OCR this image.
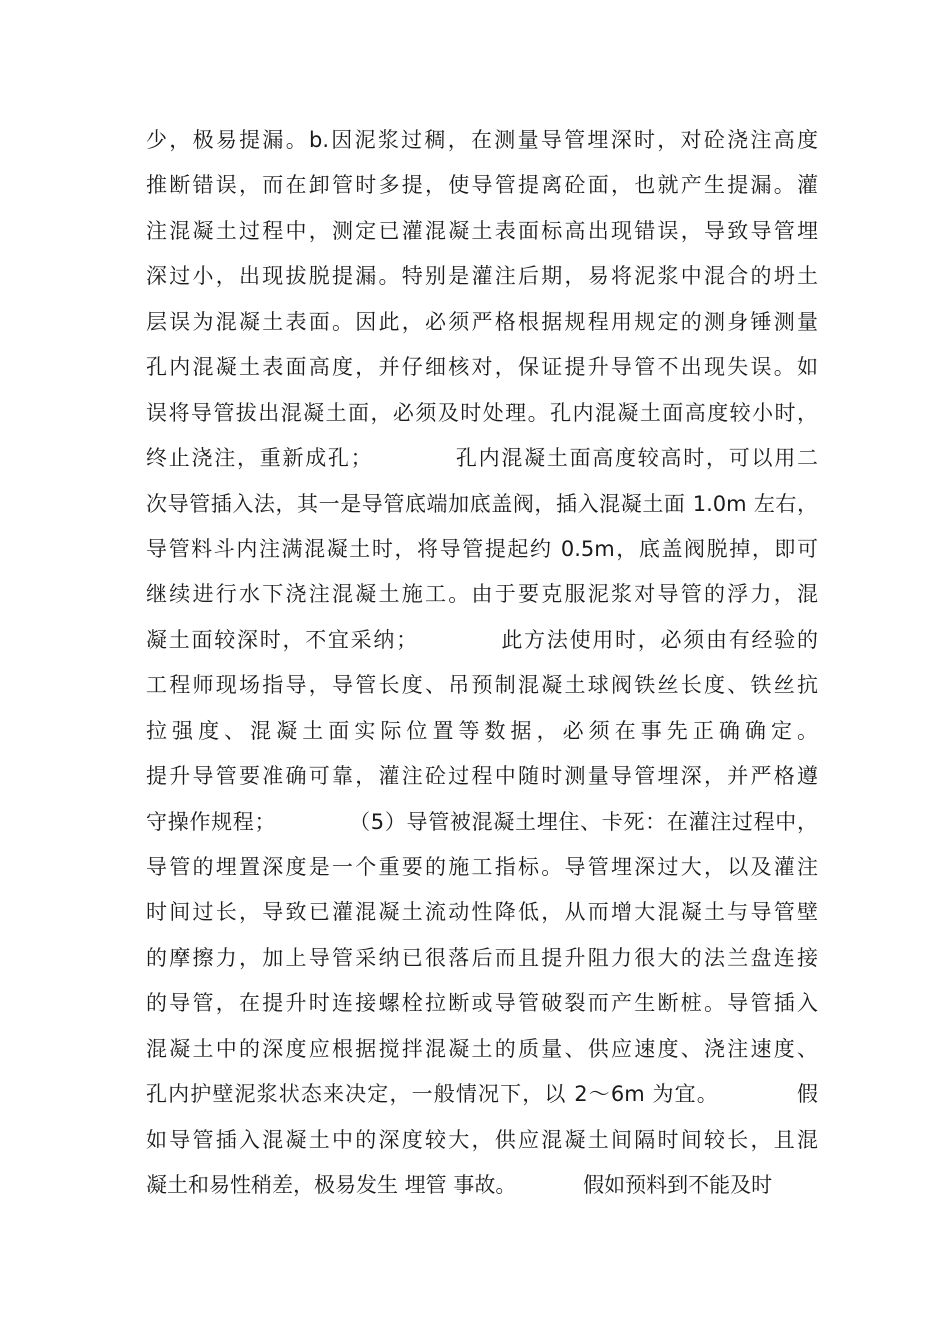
少，极易提漏。b.因泥浆过稠，在测量导管埋深时，对砼浇注高度
推断错误，而在卸管时多提，使导管提离砼面，也就产生提漏。灌
注混凝土过程中，测定已灌混凝土表面标高出现错误，导致导管埋
深过小，出现拔脱提漏。特别是灌注后期，易将泥浆中混合的坍土
层误为混凝土表面。因此，必须严格根据规程用规定的测身锤测量
孔内混凝土表面高度，并仔细核对，保证提升导管不出现失误。如
误将导管拔出混凝土面，必须及时处理。孔内混凝土面高度较小时，
终止浇注，重新成孔；          孔内混凝土面高度较高时，可以用二
次导管插入法，其一是导管底端加底盖阀，插入混凝土面 1.0m 左右，
导管料斗内注满混凝土时，将导管提起约 0.5m，底盖阀脱掉，即可
继续进行水下浇注混凝土施工。由于要克服泥浆对导管的浮力，混
凝土面较深时，不宜采纳；          此方法使用时，必须由有经验的
工程师现场指导，导管长度、吊预制混凝土球阀铁丝长度、铁丝抗
拉强度、混凝土面实际位置等数据，必须在事先正确确定。
提升导管要准确可靠，灌注砼过程中随时测量导管埋深，并严格遵
守操作规程；          （5）导管被混凝土埋住、卡死：在灌注过程中，
导管的埋置深度是一个重要的施工指标。导管埋深过大，以及灌注
时间过长，导致已灌混凝土流动性降低，从而增大混凝土与导管壁
的摩擦力，加上导管采纳已很落后而且提升阻力很大的法兰盘连接
的导管，在提升时连接螺栓拉断或导管破裂而产生断桩。导管插入
混凝土中的深度应根据搅拌混凝土的质量、供应速度、浇注速度、
孔内护壁泥浆状态来决定，一般情况下，以 2～6m 为宜。          假
如导管插入混凝土中的深度较大，供应混凝土间隔时间较长，且混
凝土和易性稍差，极易发生 埋管 事故。          假如预料到不能及时
